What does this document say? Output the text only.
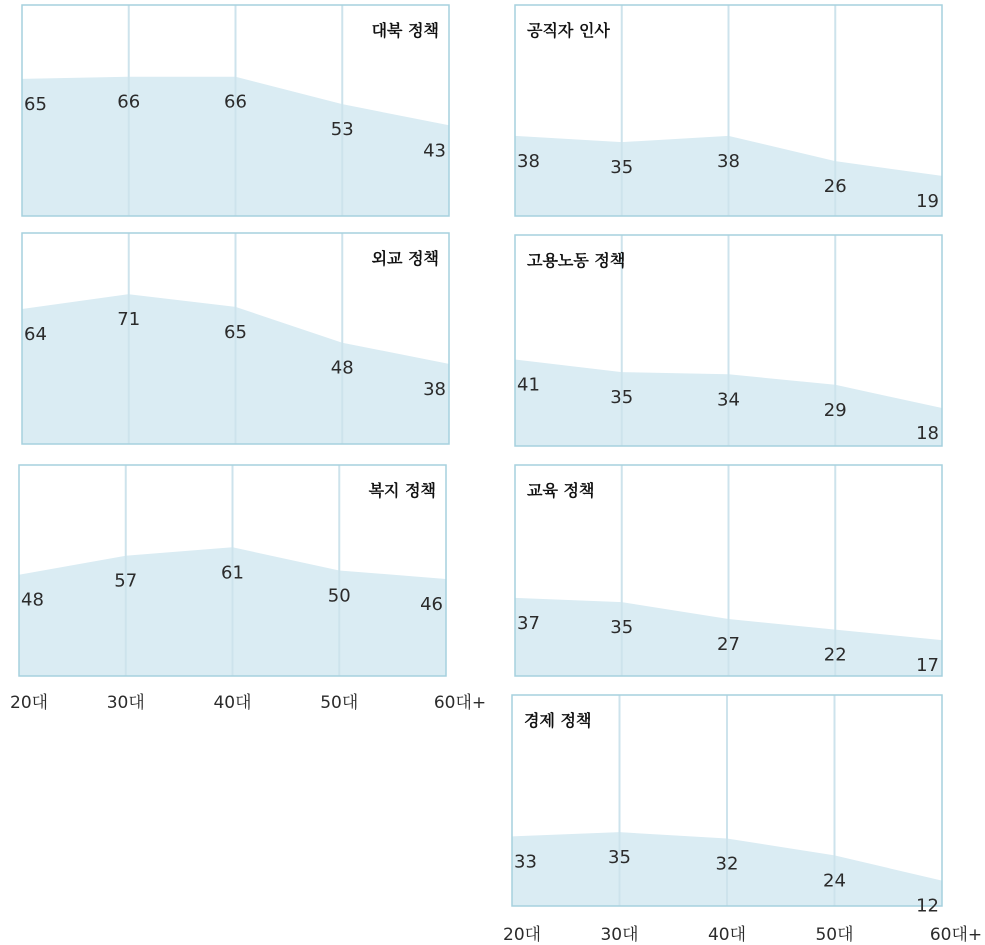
대북 정책
65	66	66
53
43
공직자 인사
38	35	38
26
19
외교 정책
64
71
65
48
38
고용노동 정책
41
35	34
29
18
복지 정책
48
57	61
50	46
교육 정책
37	35
27
22
17
경제 정책
33	35	32
24
12
20대	30대	40대	50대	60대+
20대	30대	40대	50대	60대+
